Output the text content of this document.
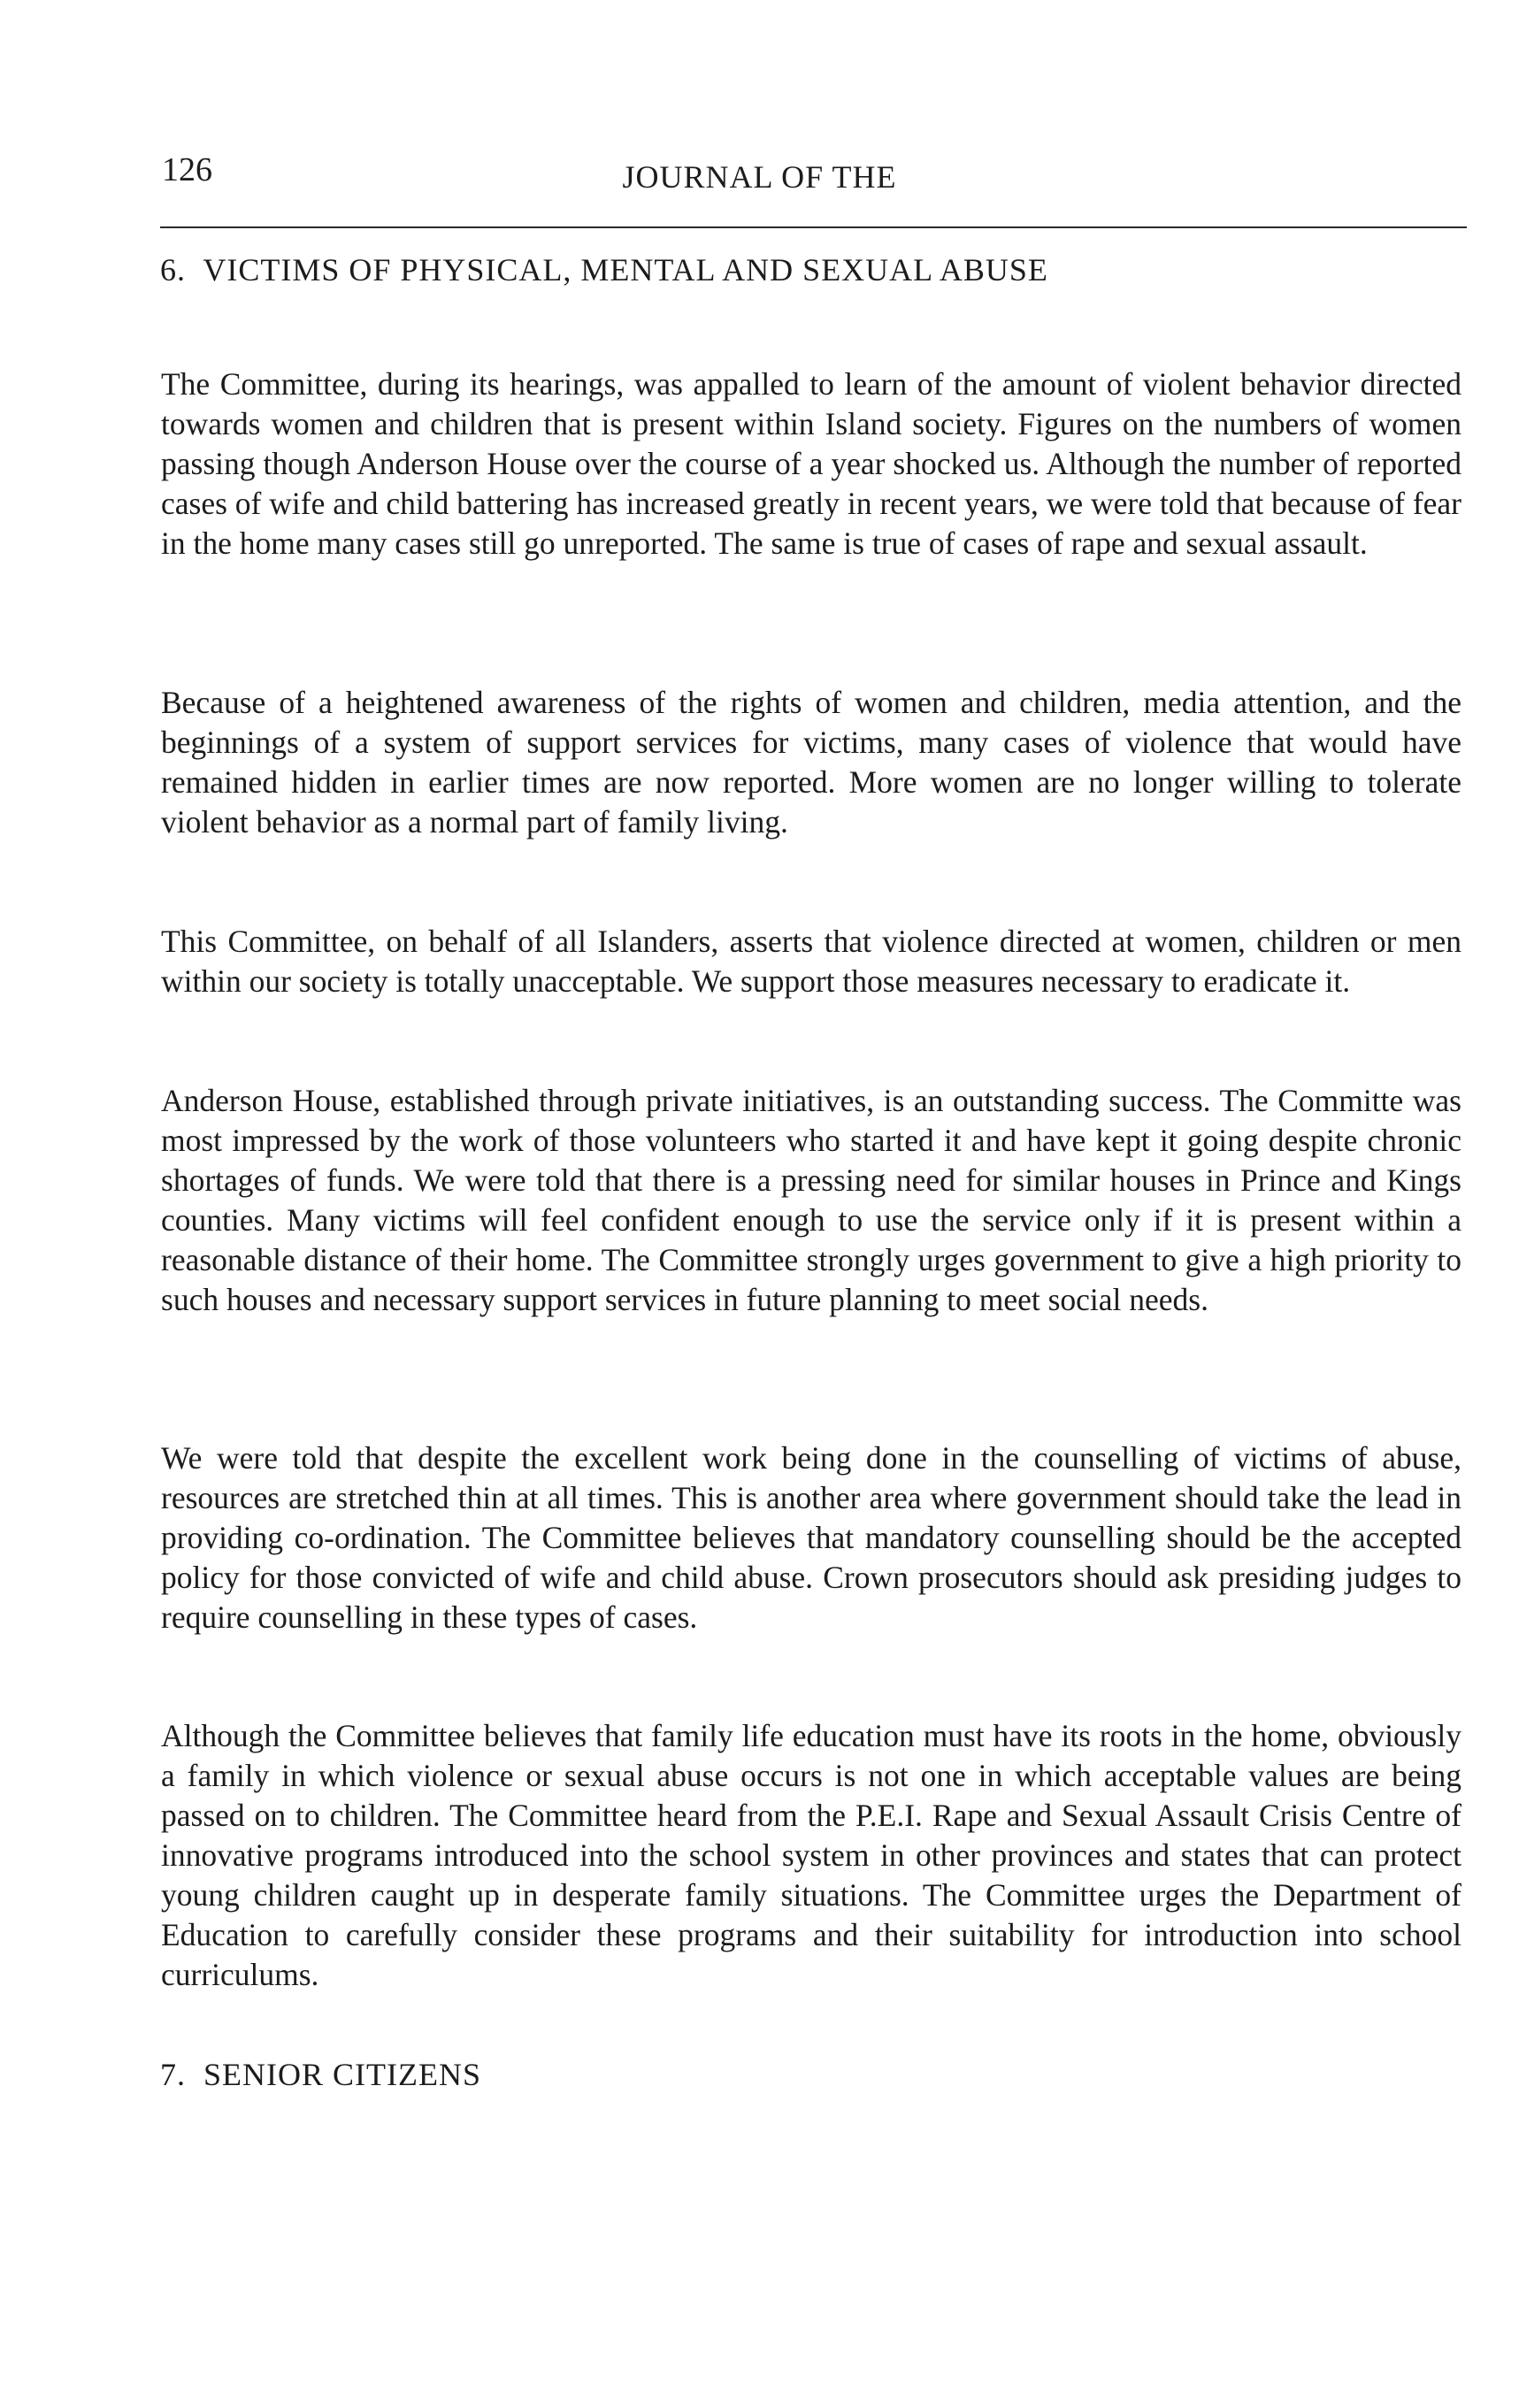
126	JOURNAL OF THE
6.  VICTIMS OF PHYSICAL, MENTAL AND SEXUAL ABUSE

The Committee, during its hearings, was appalled to learn of the amount of violent behavior directed towards women and children that is present within Island society. Figures on the numbers of women passing though Anderson House over the course of a year shocked us. Although the number of reported cases of wife and child battering has increased greatly in recent years, we were told that because of fear in the home many cases still go unreported. The same is true of cases of rape and sexual assault.

Because of a heightened awareness of the rights of women and children, media attention, and the beginnings of a system of support services for victims, many cases of violence that would have remained hidden in earlier times are now reported. More women are no longer willing to tolerate violent behavior as a normal part of family living.

This Committee, on behalf of all Islanders, asserts that violence directed at women, children or men within our society is totally unacceptable. We support those measures necessary to eradicate it.

Anderson House, established through private initiatives, is an outstanding success. The Committe was most impressed by the work of those volunteers who started it and have kept it going despite chronic shortages of funds. We were told that there is a pressing need for similar houses in Prince and Kings counties. Many victims will feel confident enough to use the service only if it is present within a reasonable distance of their home. The Committee strongly urges government to give a high priority to such houses and necessary support services in future planning to meet social needs.

We were told that despite the excellent work being done in the counselling of victims of abuse, resources are stretched thin at all times. This is another area where government should take the lead in providing co-ordination. The Committee believes that mandatory counselling should be the accepted policy for those convicted of wife and child abuse. Crown prosecutors should ask presiding judges to require counselling in these types of cases.

Although the Committee believes that family life education must have its roots in the home, obviously a family in which violence or sexual abuse occurs is not one in which acceptable values are being passed on to children. The Committee heard from the P.E.I. Rape and Sexual Assault Crisis Centre of innovative programs introduced into the school system in other provinces and states that can protect young children caught up in desperate family situations. The Committee urges the Department of Education to carefully consider these programs and their suitability for introduction into school curriculums.

7.  SENIOR CITIZENS
